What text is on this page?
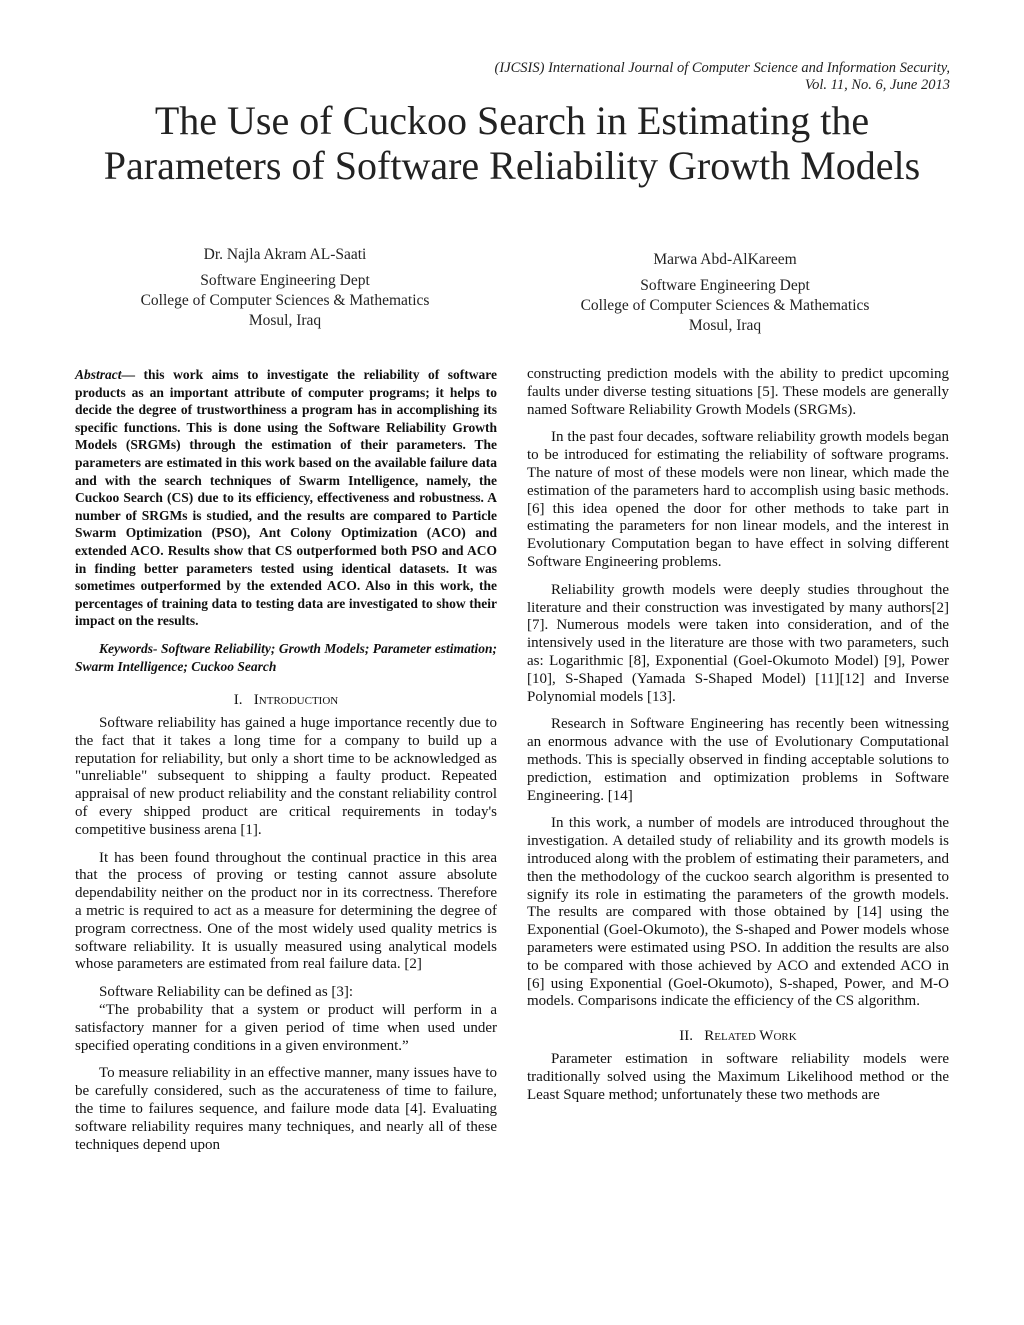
(IJCSIS) International Journal of Computer Science and Information Security,
Vol. 11, No. 6, June 2013
The Use of Cuckoo Search in Estimating the
Parameters of Software Reliability Growth Models
Dr. Najla Akram AL-Saati
Software Engineering Dept
College of Computer Sciences & Mathematics
Mosul, Iraq
Marwa Abd-AlKareem
Software Engineering Dept
College of Computer Sciences & Mathematics
Mosul, Iraq

Abstract— this work aims to investigate the reliability of software products as an important attribute of computer programs; it helps to decide the degree of trustworthiness a program has in accomplishing its specific functions. This is done using the Software Reliability Growth Models (SRGMs) through the estimation of their parameters. The parameters are estimated in this work based on the available failure data and with the search techniques of Swarm Intelligence, namely, the Cuckoo Search (CS) due to its efficiency, effectiveness and robustness. A number of SRGMs is studied, and the results are compared to Particle Swarm Optimization (PSO), Ant Colony Optimization (ACO) and extended ACO. Results show that CS outperformed both PSO and ACO in finding better parameters tested using identical datasets. It was sometimes outperformed by the extended ACO. Also in this work, the percentages of training data to testing data are investigated to show their impact on the results.

Keywords- Software Reliability; Growth Models; Parameter estimation; Swarm Intelligence; Cuckoo Search

I. Introduction

Software reliability has gained a huge importance recently due to the fact that it takes a long time for a company to build up a reputation for reliability, but only a short time to be acknowledged as "unreliable" subsequent to shipping a faulty product. Repeated appraisal of new product reliability and the constant reliability control of every shipped product are critical requirements in today's competitive business arena [1].

It has been found throughout the continual practice in this area that the process of proving or testing cannot assure absolute dependability neither on the product nor in its correctness. Therefore a metric is required to act as a measure for determining the degree of program correctness. One of the most widely used quality metrics is software reliability. It is usually measured using analytical models whose parameters are estimated from real failure data. [2]

Software Reliability can be defined as [3]:

“The probability that a system or product will perform in a satisfactory manner for a given period of time when used under specified operating conditions in a given environment.”

To measure reliability in an effective manner, many issues have to be carefully considered, such as the accurateness of time to failure, the time to failures sequence, and failure mode data [4]. Evaluating software reliability requires many techniques, and nearly all of these techniques depend upon

constructing prediction models with the ability to predict upcoming faults under diverse testing situations [5]. These models are generally named Software Reliability Growth Models (SRGMs).

In the past four decades, software reliability growth models began to be introduced for estimating the reliability of software programs. The nature of most of these models were non linear, which made the estimation of the parameters hard to accomplish using basic methods.[6] this idea opened the door for other methods to take part in estimating the parameters for non linear models, and the interest in Evolutionary Computation began to have effect in solving different Software Engineering problems.

Reliability growth models were deeply studies throughout the literature and their construction was investigated by many authors[2][7]. Numerous models were taken into consideration, and of the intensively used in the literature are those with two parameters, such as: Logarithmic [8], Exponential (Goel-Okumoto Model) [9], Power [10], S-Shaped (Yamada S-Shaped Model) [11][12] and Inverse Polynomial models [13].

Research in Software Engineering has recently been witnessing an enormous advance with the use of Evolutionary Computational methods. This is specially observed in finding acceptable solutions to prediction, estimation and optimization problems in Software Engineering. [14]

In this work, a number of models are introduced throughout the investigation. A detailed study of reliability and its growth models is introduced along with the problem of estimating their parameters, and then the methodology of the cuckoo search algorithm is presented to signify its role in estimating the parameters of the growth models. The results are compared with those obtained by [14] using the Exponential (Goel-Okumoto), the S-shaped and Power models whose parameters were estimated using PSO. In addition the results are also to be compared with those achieved by ACO and extended ACO in [6] using Exponential (Goel-Okumoto), S-shaped, Power, and M-O models. Comparisons indicate the efficiency of the CS algorithm.

II. Related Work

Parameter estimation in software reliability models were traditionally solved using the Maximum Likelihood method or the Least Square method; unfortunately these two methods are
